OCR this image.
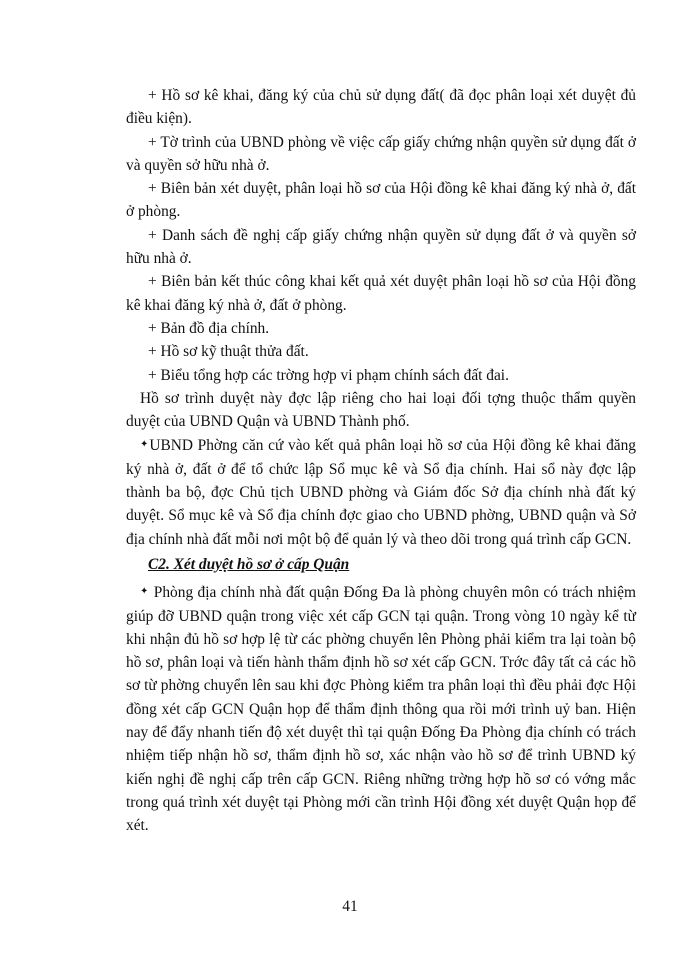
+ Hồ sơ kê khai, đăng ký của chủ sử dụng đất( đã đọc phân loại xét duyệt đủ điều kiện).

+ Tờ trình của UBND phòng về việc cấp giấy chứng nhận quyền sử dụng đất ở và quyền sở hữu nhà ở.

+ Biên bản xét duyệt, phân loại hồ sơ của Hội đồng kê khai đăng ký nhà ở, đất ở phòng.

+ Danh sách đề nghị cấp giấy chứng nhận quyền sử dụng đất ở và quyền sở hữu nhà ở.

+ Biên bản kết thúc công khai kết quả xét duyệt phân loại hồ sơ của Hội đồng kê khai đăng ký nhà ở, đất ở phòng.

+ Bản đồ địa chính.

+ Hồ sơ kỹ thuật thửa đất.

+ Biểu tổng hợp các trờng hợp vi phạm chính sách đất đai.

Hồ sơ trình duyệt này đợc lập riêng cho hai loại đối tợng thuộc thẩm quyền duyệt của UBND Quận và UBND Thành phố.

✦UBND Phờng căn cứ vào kết quả phân loại hồ sơ của Hội đồng kê khai đăng ký nhà ở, đất ở để tổ chức lập Sổ mục kê và Sổ địa chính. Hai sổ này đợc lập thành ba bộ, đợc Chủ tịch UBND phờng và Giám đốc Sở địa chính nhà đất ký duyệt. Sổ mục kê và Sổ địa chính đợc giao cho UBND phờng, UBND quận và Sở địa chính nhà đất mỗi nơi một bộ để quản lý và theo dõi trong quá trình cấp GCN.

C2. Xét duyệt hồ sơ ở cấp Quận

✦ Phòng địa chính nhà đất quận Đống Đa là phòng chuyên môn có trách nhiệm giúp đỡ UBND quận trong việc xét cấp GCN tại quận. Trong vòng 10 ngày kể từ khi nhận đủ hồ sơ hợp lệ từ các phờng chuyển lên Phòng phải kiểm tra lại toàn bộ hồ sơ, phân loại và tiến hành thẩm định hồ sơ xét cấp GCN. Trớc đây tất cả các hồ sơ từ phờng chuyển lên sau khi đợc Phòng kiểm tra phân loại thì đều phải đợc Hội đồng xét cấp GCN Quận họp để thẩm định thông qua rồi mới trình uỷ ban. Hiện nay để đẩy nhanh tiến độ xét duyệt thì tại quận Đống Đa Phòng địa chính có trách nhiệm tiếp nhận hồ sơ, thẩm định hồ sơ, xác nhận vào hồ sơ để trình UBND ký kiến nghị đề nghị cấp trên cấp GCN. Riêng những trờng hợp hồ sơ có vớng mắc trong quá trình xét duyệt tại Phòng mới cần trình Hội đồng xét duyệt Quận họp để xét.

41
